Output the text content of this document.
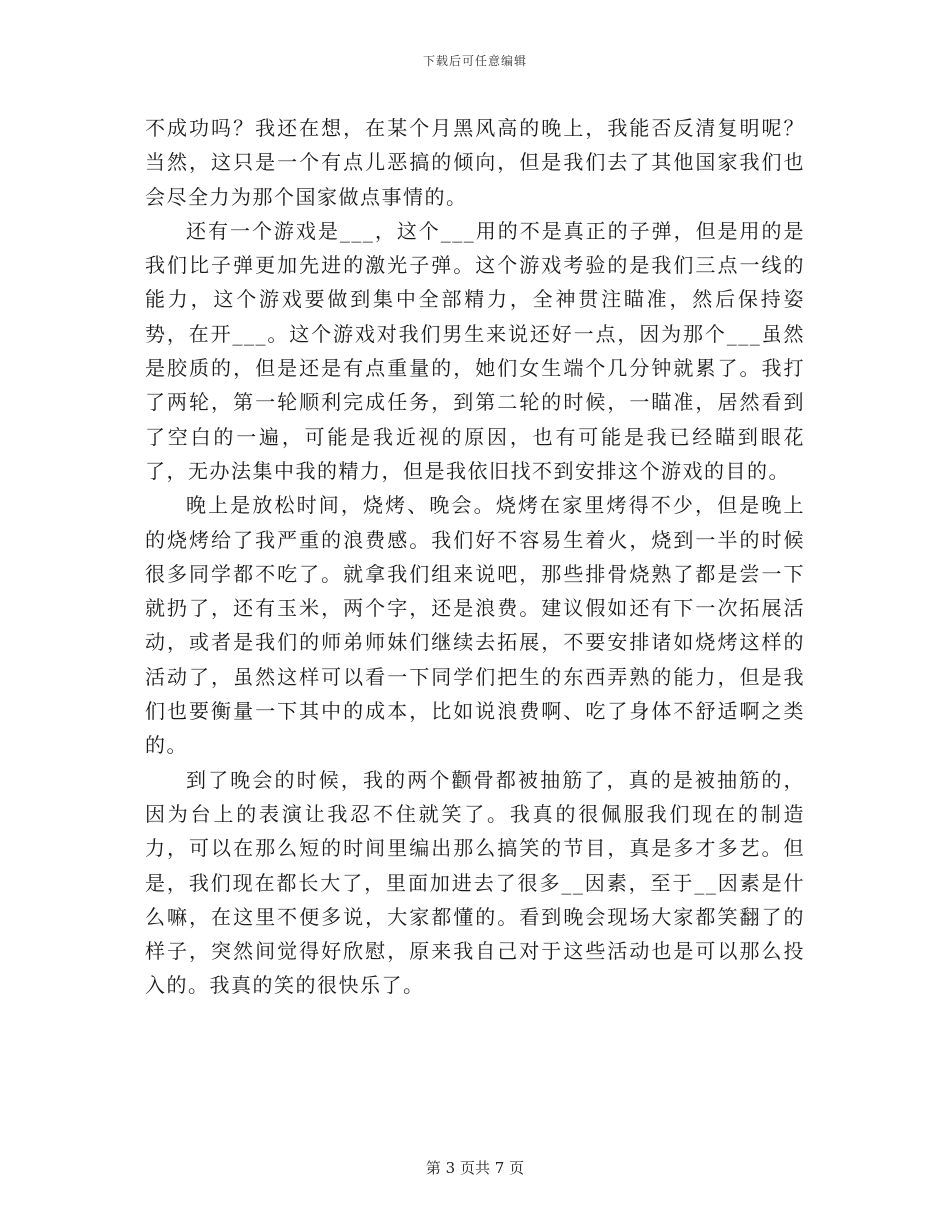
下载后可任意编辑

不成功吗？我还在想，在某个月黑风高的晚上，我能否反清复明呢？当然，这只是一个有点儿恶搞的倾向，但是我们去了其他国家我们也会尽全力为那个国家做点事情的。

还有一个游戏是___，这个___用的不是真正的子弹，但是用的是我们比子弹更加先进的激光子弹。这个游戏考验的是我们三点一线的能力，这个游戏要做到集中全部精力，全神贯注瞄准，然后保持姿势，在开___。这个游戏对我们男生来说还好一点，因为那个___虽然是胶质的，但是还是有点重量的，她们女生端个几分钟就累了。我打了两轮，第一轮顺利完成任务，到第二轮的时候，一瞄准，居然看到了空白的一遍，可能是我近视的原因，也有可能是我已经瞄到眼花了，无办法集中我的精力，但是我依旧找不到安排这个游戏的目的。

晚上是放松时间，烧烤、晚会。烧烤在家里烤得不少，但是晚上的烧烤给了我严重的浪费感。我们好不容易生着火，烧到一半的时候很多同学都不吃了。就拿我们组来说吧，那些排骨烧熟了都是尝一下就扔了，还有玉米，两个字，还是浪费。建议假如还有下一次拓展活动，或者是我们的师弟师妹们继续去拓展，不要安排诸如烧烤这样的活动了，虽然这样可以看一下同学们把生的东西弄熟的能力，但是我们也要衡量一下其中的成本，比如说浪费啊、吃了身体不舒适啊之类的。

到了晚会的时候，我的两个颧骨都被抽筋了，真的是被抽筋的，因为台上的表演让我忍不住就笑了。我真的很佩服我们现在的制造力，可以在那么短的时间里编出那么搞笑的节目，真是多才多艺。但是，我们现在都长大了，里面加进去了很多__因素，至于__因素是什么嘛，在这里不便多说，大家都懂的。看到晚会现场大家都笑翻了的样子，突然间觉得好欣慰，原来我自己对于这些活动也是可以那么投入的。我真的笑的很快乐了。

第 3 页共 7 页
